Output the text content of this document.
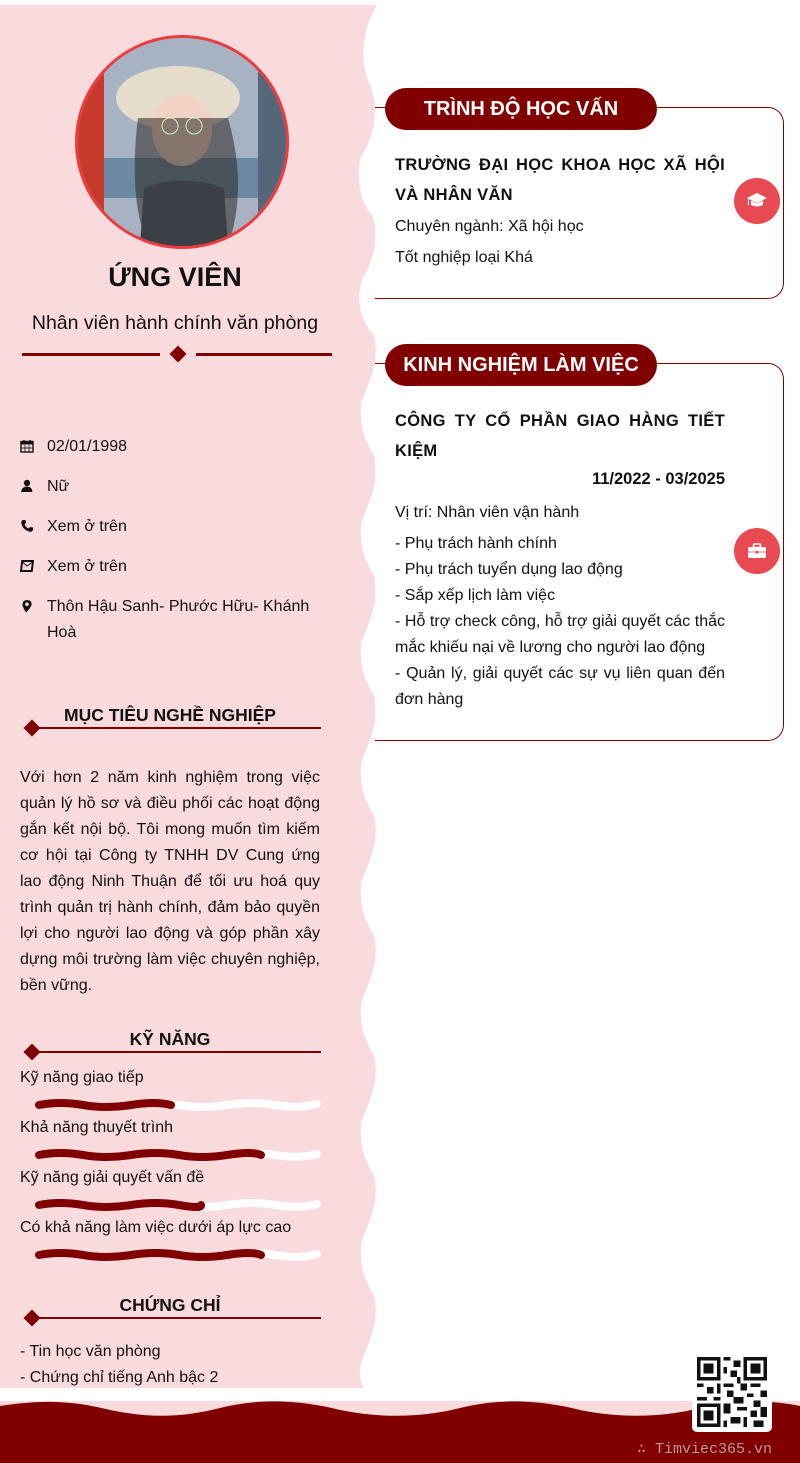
ỨNG VIÊN
Nhân viên hành chính văn phòng
02/01/1998
Nữ
Xem ở trên
Xem ở trên
Thôn Hậu Sanh- Phước Hữu- Khánh Hoà
MỤC TIÊU NGHỀ NGHIỆP
Với hơn 2 năm kinh nghiệm trong việc quản lý hồ sơ và điều phối các hoạt động gắn kết nội bộ. Tôi mong muốn tìm kiếm cơ hội tại Công ty TNHH DV Cung ứng lao động Ninh Thuận để tối ưu hoá quy trình quản trị hành chính, đảm bảo quyền lợi cho người lao động và góp phần xây dựng môi trường làm việc chuyên nghiệp, bền vững.
KỸ NĂNG
Kỹ năng giao tiếp
Khả năng thuyết trình
Kỹ năng giải quyết vấn đề
Có khả năng làm việc dưới áp lực cao
CHỨNG CHỈ
- Tin học văn phòng
- Chứng chỉ tiếng Anh bậc 2
TRÌNH ĐỘ HỌC VẤN
TRƯỜNG ĐẠI HỌC KHOA HỌC XÃ HỘI VÀ NHÂN VĂN
Chuyên ngành: Xã hội học
Tốt nghiệp loại Khá
KINH NGHIỆM LÀM VIỆC
CÔNG TY CỔ PHẦN GIAO HÀNG TIẾT KIỆM
11/2022 - 03/2025
Vị trí: Nhân viên vận hành
- Phụ trách hành chính
- Phụ trách tuyển dụng lao động
- Sắp xếp lịch làm việc
- Hỗ trợ check công, hỗ trợ giải quyết các thắc mắc khiếu nại về lương cho người lao động
- Quản lý, giải quyết các sự vụ liên quan đến đơn hàng
∴ Timviec365.vn
